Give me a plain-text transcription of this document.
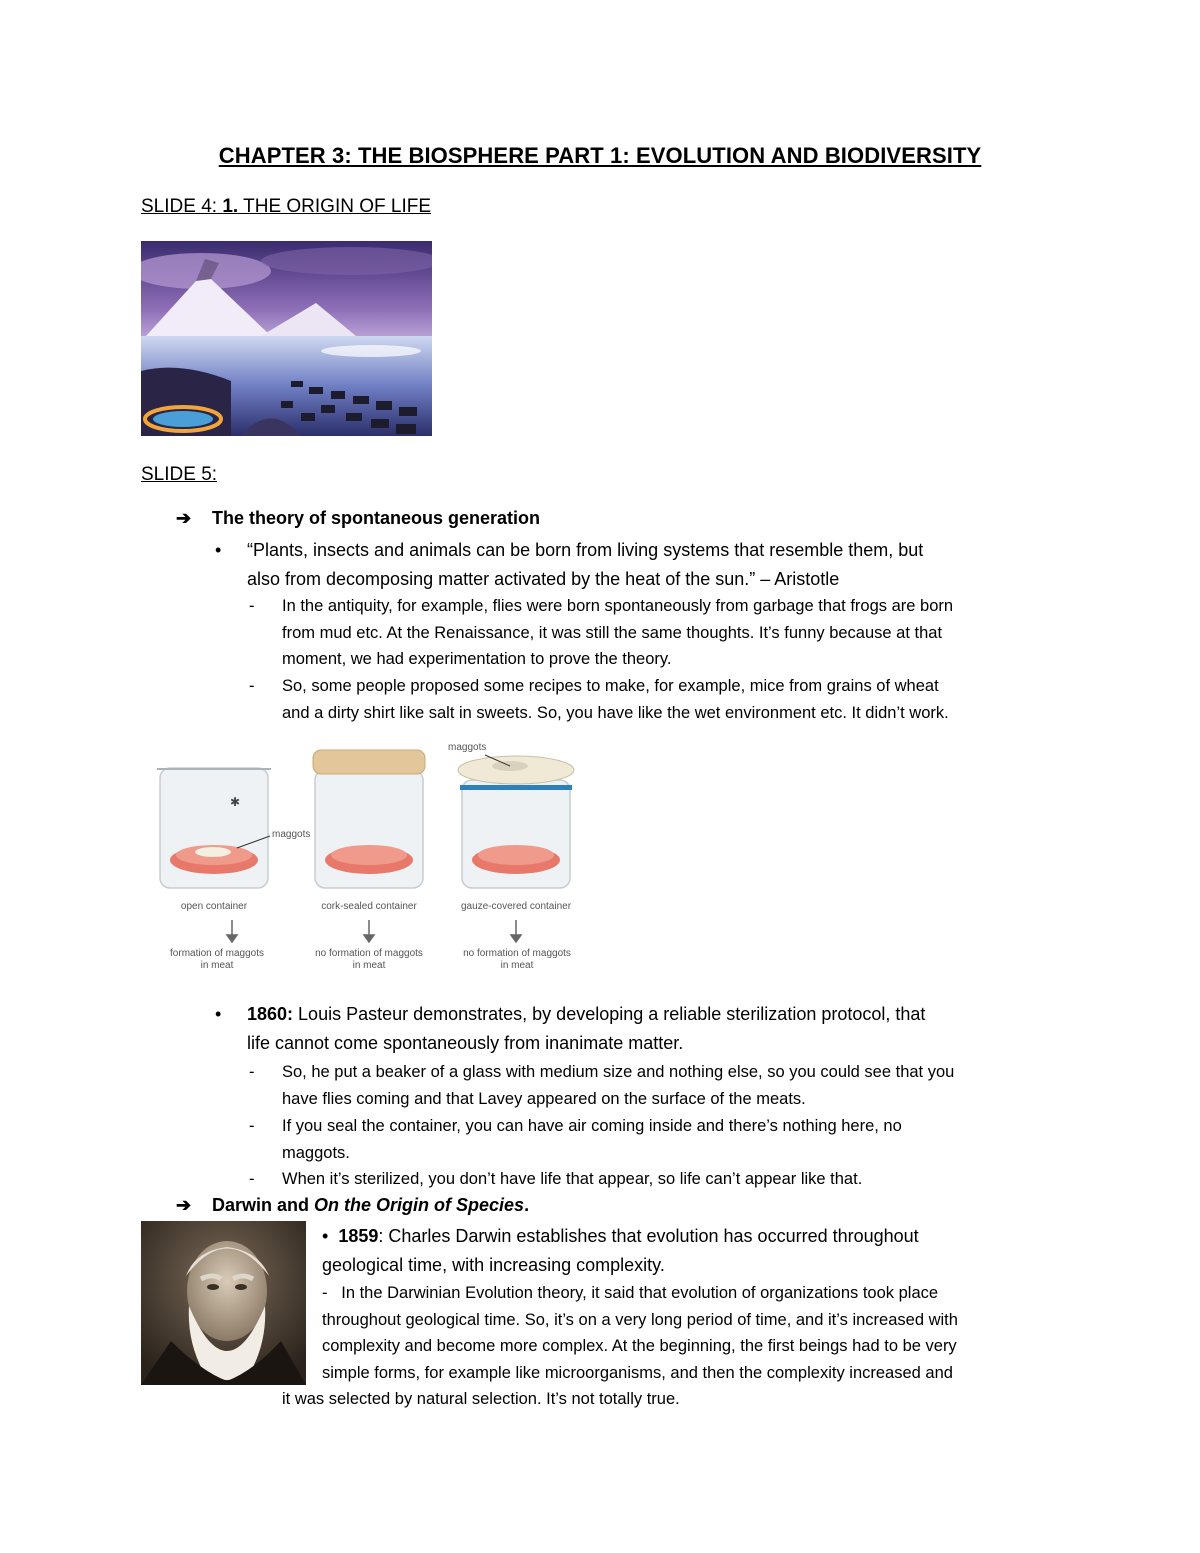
CHAPTER 3: THE BIOSPHERE PART 1: EVOLUTION AND BIODIVERSITY
SLIDE 4: 1. THE ORIGIN OF LIFE
SLIDE 5:
➔ The theory of spontaneous generation
• “Plants, insects and animals can be born from living systems that resemble them, but
also from decomposing matter activated by the heat of the sun.” – Aristotle
- In the antiquity, for example, flies were born spontaneously from garbage that frogs are born
from mud etc. At the Renaissance, it was still the same thoughts. It’s funny because at that
moment, we had experimentation to prove the theory.
- So, some people proposed some recipes to make, for example, mice from grains of wheat
and a dirty shirt like salt in sweets. So, you have like the wet environment etc. It didn’t work.
✱
maggots
maggots
open container	cork-sealed container	gauze-covered container
formation of maggots
in meat
no formation of maggots
in meat
no formation of maggots
in meat
• 1860: Louis Pasteur demonstrates, by developing a reliable sterilization protocol, that
life cannot come spontaneously from inanimate matter.
- So, he put a beaker of a glass with medium size and nothing else, so you could see that you
have flies coming and that Lavey appeared on the surface of the meats.
- If you seal the container, you can have air coming inside and there’s nothing here, no
maggots.
- When it’s sterilized, you don’t have life that appear, so life can’t appear like that.
➔ Darwin and On the Origin of Species.
•  1859: Charles Darwin establishes that evolution has occurred throughout
geological time, with increasing complexity.
-   In the Darwinian Evolution theory, it said that evolution of organizations took place
throughout geological time. So, it’s on a very long period of time, and it’s increased with
complexity and become more complex. At the beginning, the first beings had to be very
simple forms, for example like microorganisms, and then the complexity increased and
it was selected by natural selection. It’s not totally true.
